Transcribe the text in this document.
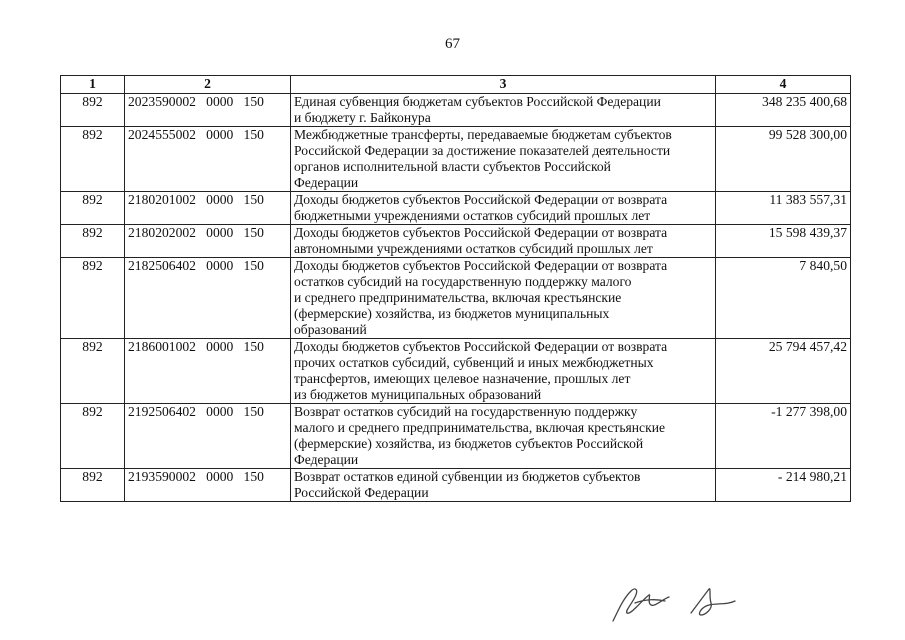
67
1	2	3	4
892	2023590002   0000   150	Единая субвенция бюджетам субъектов Российской Федерации
и бюджету г. Байконура	348 235 400,68
892	2024555002   0000   150	Межбюджетные трансферты, передаваемые бюджетам субъектов
Российской Федерации за достижение показателей деятельности
органов исполнительной власти субъектов Российской
Федерации	99 528 300,00
892	2180201002   0000   150	Доходы бюджетов субъектов Российской Федерации от возврата
бюджетными учреждениями остатков субсидий прошлых лет	11 383 557,31
892	2180202002   0000   150	Доходы бюджетов субъектов Российской Федерации от возврата
автономными учреждениями остатков субсидий прошлых лет	15 598 439,37
892	2182506402   0000   150	Доходы бюджетов субъектов Российской Федерации от возврата
остатков субсидий на государственную поддержку малого
и среднего предпринимательства, включая крестьянские
(фермерские) хозяйства, из бюджетов муниципальных
образований	7 840,50
892	2186001002   0000   150	Доходы бюджетов субъектов Российской Федерации от возврата
прочих остатков субсидий, субвенций и иных межбюджетных
трансфертов, имеющих целевое назначение, прошлых лет
из бюджетов муниципальных образований	25 794 457,42
892	2192506402   0000   150	Возврат остатков субсидий на государственную поддержку
малого и среднего предпринимательства, включая крестьянские
(фермерские) хозяйства, из бюджетов субъектов Российской
Федерации	-1 277 398,00
892	2193590002   0000   150	Возврат остатков единой субвенции из бюджетов субъектов
Российской Федерации	- 214 980,21
